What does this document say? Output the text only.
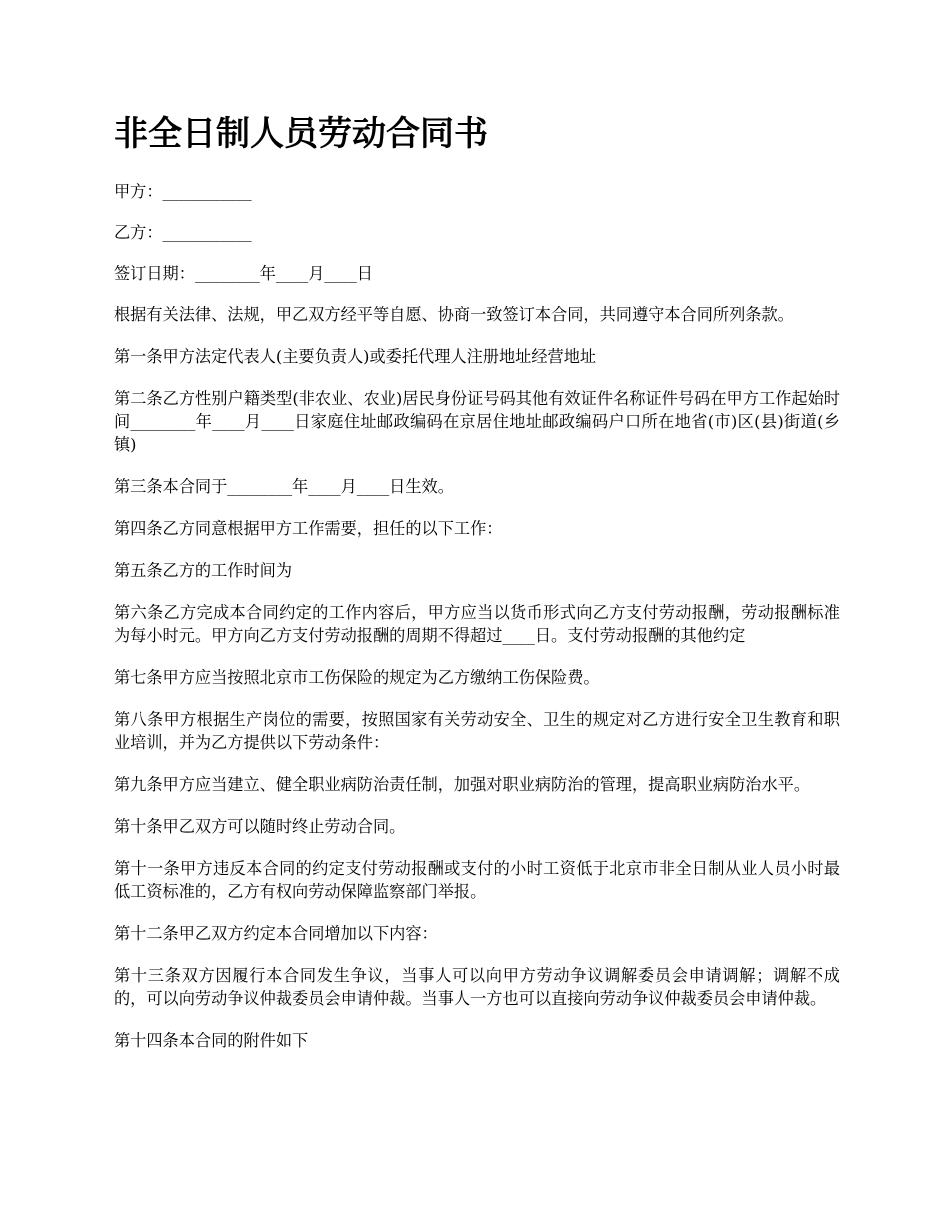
非全日制人员劳动合同书

甲方：___________

乙方：___________

签订日期：________年____月____日

根据有关法律、法规，甲乙双方经平等自愿、协商一致签订本合同，共同遵守本合同所列条款。

第一条甲方法定代表人(主要负责人)或委托代理人注册地址经营地址

第二条乙方性别户籍类型(非农业、农业)居民身份证号码其他有效证件名称证件号码在甲方工作起始时间________年____月____日家庭住址邮政编码在京居住地址邮政编码户口所在地省(市)区(县)街道(乡镇)

第三条本合同于________年____月____日生效。

第四条乙方同意根据甲方工作需要，担任的以下工作：

第五条乙方的工作时间为

第六条乙方完成本合同约定的工作内容后，甲方应当以货币形式向乙方支付劳动报酬，劳动报酬标准为每小时元。甲方向乙方支付劳动报酬的周期不得超过____日。支付劳动报酬的其他约定

第七条甲方应当按照北京市工伤保险的规定为乙方缴纳工伤保险费。

第八条甲方根据生产岗位的需要，按照国家有关劳动安全、卫生的规定对乙方进行安全卫生教育和职业培训，并为乙方提供以下劳动条件：

第九条甲方应当建立、健全职业病防治责任制，加强对职业病防治的管理，提高职业病防治水平。

第十条甲乙双方可以随时终止劳动合同。

第十一条甲方违反本合同的约定支付劳动报酬或支付的小时工资低于北京市非全日制从业人员小时最低工资标准的，乙方有权向劳动保障监察部门举报。

第十二条甲乙双方约定本合同增加以下内容：

第十三条双方因履行本合同发生争议，当事人可以向甲方劳动争议调解委员会申请调解；调解不成的，可以向劳动争议仲裁委员会申请仲裁。当事人一方也可以直接向劳动争议仲裁委员会申请仲裁。

第十四条本合同的附件如下
